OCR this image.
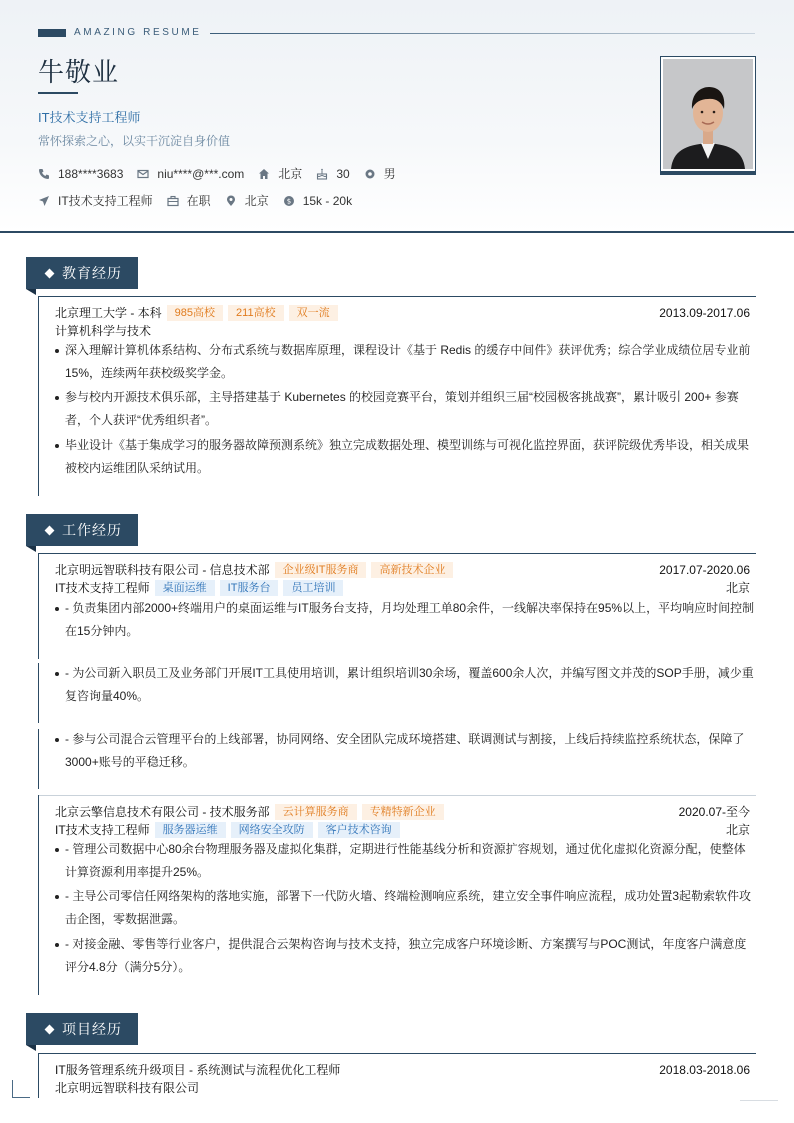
AMAZING RESUME
牛敬业
IT技术支持工程师
常怀探索之心，以实干沉淀自身价值
188****3683	niu****@***.com	北京	30	男
IT技术支持工程师	在职	北京	$ 15k - 20k
教育经历
北京理工大学 - 本科	985高校	211高校	双一流	2013.09-2017.06
计算机科学与技术
深入理解计算机体系结构、分布式系统与数据库原理，课程设计《基于 Redis 的缓存中间件》获评优秀；综合学业成绩位居专业前 15%，连续两年获校级奖学金。
参与校内开源技术俱乐部，主导搭建基于 Kubernetes 的校园竞赛平台，策划并组织三届“校园极客挑战赛”，累计吸引 200+ 参赛者，个人获评“优秀组织者”。
毕业设计《基于集成学习的服务器故障预测系统》独立完成数据处理、模型训练与可视化监控界面，获评院级优秀毕设，相关成果被校内运维团队采纳试用。
工作经历
北京明远智联科技有限公司 - 信息技术部	企业级IT服务商	高新技术企业	2017.07-2020.06
IT技术支持工程师	桌面运维	IT服务台	员工培训	北京
- 负责集团内部2000+终端用户的桌面运维与IT服务台支持，月均处理工单80余件，一线解决率保持在95%以上，平均响应时间控制在15分钟内。
- 为公司新入职员工及业务部门开展IT工具使用培训，累计组织培训30余场，覆盖600余人次，并编写图文并茂的SOP手册，减少重复咨询量40%。
- 参与公司混合云管理平台的上线部署，协同网络、安全团队完成环境搭建、联调测试与割接，上线后持续监控系统状态，保障了3000+账号的平稳迁移。
北京云擎信息技术有限公司 - 技术服务部	云计算服务商	专精特新企业	2020.07-至今
IT技术支持工程师	服务器运维	网络安全攻防	客户技术咨询	北京
- 管理公司数据中心80余台物理服务器及虚拟化集群，定期进行性能基线分析和资源扩容规划，通过优化虚拟化资源分配，使整体计算资源利用率提升25%。
- 主导公司零信任网络架构的落地实施，部署下一代防火墙、终端检测响应系统，建立安全事件响应流程，成功处置3起勒索软件攻击企图，零数据泄露。
- 对接金融、零售等行业客户，提供混合云架构咨询与技术支持，独立完成客户环境诊断、方案撰写与POC测试，年度客户满意度评分4.8分（满分5分）。
项目经历
IT服务管理系统升级项目 - 系统测试与流程优化工程师	2018.03-2018.06
北京明远智联科技有限公司
